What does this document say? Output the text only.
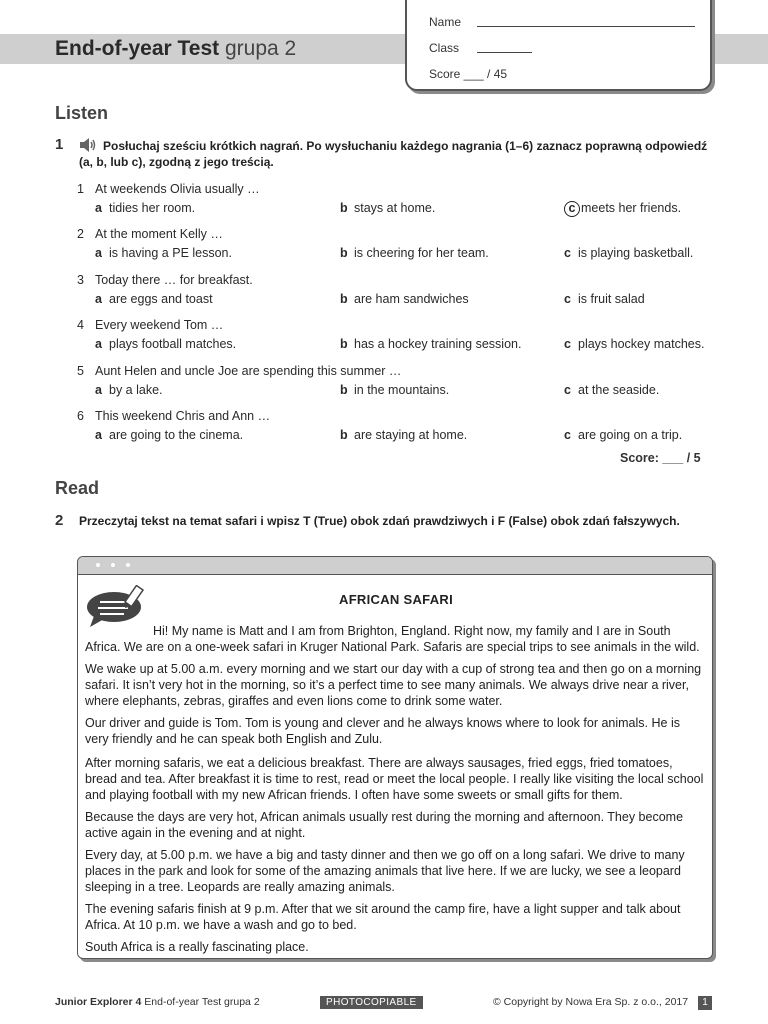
End-of-year Test grupa 2
Name
Class
Score ___ / 45
Listen
1	Posłuchaj sześciu krótkich nagrań. Po wysłuchaniu każdego nagrania (1–6) zaznacz poprawną odpowiedź (a, b, lub c), zgodną z jego treścią.
1 At weekends Olivia usually …
a tidies her room.	b stays at home.	c meets her friends.
2 At the moment Kelly …
a is having a PE lesson.	b is cheering for her team.	c is playing basketball.
3 Today there … for breakfast.
a are eggs and toast	b are ham sandwiches	c is fruit salad
4 Every weekend Tom …
a plays football matches.	b has a hockey training session.	c plays hockey matches.
5 Aunt Helen and uncle Joe are spending this summer …
a by a lake.	b in the mountains.	c at the seaside.
6 This weekend Chris and Ann …
a are going to the cinema.	b are staying at home.	c are going on a trip.
Score: ___ / 5
Read
2 Przeczytaj tekst na temat safari i wpisz T (True) obok zdań prawdziwych i F (False) obok zdań fałszywych.
AFRICAN SAFARI
Hi! My name is Matt and I am from Brighton, England. Right now, my family and I are in South Africa. We are on a one-week safari in Kruger National Park. Safaris are special trips to see animals in the wild.
We wake up at 5.00 a.m. every morning and we start our day with a cup of strong tea and then go on a morning safari. It isn’t very hot in the morning, so it’s a perfect time to see many animals. We always drive near a river, where elephants, zebras, giraffes and even lions come to drink some water.
Our driver and guide is Tom. Tom is young and clever and he always knows where to look for animals. He is very friendly and he can speak both English and Zulu.
After morning safaris, we eat a delicious breakfast. There are always sausages, fried eggs, fried tomatoes, bread and tea. After breakfast it is time to rest, read or meet the local people. I really like visiting the local school and playing football with my new African friends. I often have some sweets or small gifts for them.
Because the days are very hot, African animals usually rest during the morning and afternoon. They become active again in the evening and at night.
Every day, at 5.00 p.m. we have a big and tasty dinner and then we go off on a long safari. We drive to many places in the park and look for some of the amazing animals that live here. If we are lucky, we see a leopard sleeping in a tree. Leopards are really amazing animals.
The evening safaris finish at 9 p.m. After that we sit around the camp fire, have a light supper and talk about Africa. At 10 p.m. we have a wash and go to bed.
South Africa is a really fascinating place.
Junior Explorer 4 End-of-year Test grupa 2	PHOTOCOPIABLE	© Copyright by Nowa Era Sp. z o.o., 2017	1
